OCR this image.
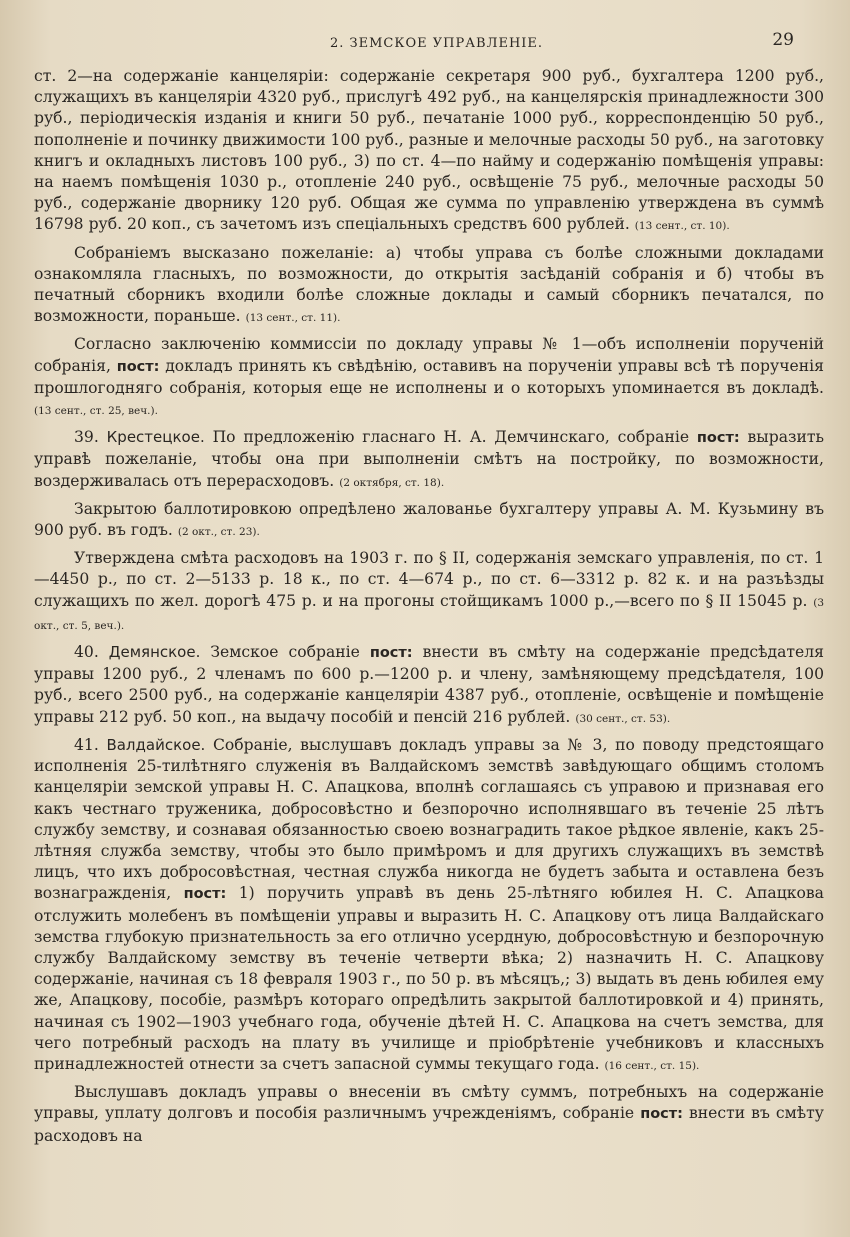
2. ЗЕМСКОЕ УПРАВЛЕНІЕ.	29

ст. 2—на содержаніе канцеляріи: содержаніе секретаря 900 руб., бухгалтера 1200 руб., служащихъ въ канцеляріи 4320 руб., прислугѣ 492 руб., на канцелярскія принадлежности 300 руб., періодическія изданія и книги 50 руб., печатаніе 1000 руб., корреспонденцію 50 руб., пополненіе и починку движимости 100 руб., разные и мелочные расходы 50 руб., на заготовку книгъ и окладныхъ листовъ 100 руб., 3) по ст. 4—по найму и содержанію помѣщенія управы: на наемъ помѣщенія 1030 р., отопленіе 240 руб., освѣщеніе 75 руб., мелочные расходы 50 руб., содержаніе дворнику 120 руб. Общая же сумма по управленію утверждена въ суммѣ 16798 руб. 20 коп., съ зачетомъ изъ спеціальныхъ средствъ 600 рублей. (13 сент., ст. 10).

Собраніемъ высказано пожеланіе: а) чтобы управа съ болѣе сложными докладами ознакомляла гласныхъ, по возможности, до открытія засѣданій собранія и б) чтобы въ печатный сборникъ входили болѣе сложные доклады и самый сборникъ печатался, по возможности, пораньше. (13 сент., ст. 11).

Согласно заключенію коммиссіи по докладу управы № 1—объ исполненіи порученій собранія, пост: докладъ принять къ свѣдѣнію, оставивъ на порученіи управы всѣ тѣ порученія прошлогодняго собранія, которыя еще не исполнены и о которыхъ упоминается въ докладѣ. (13 сент., ст. 25, веч.).

39. Крестецкое. По предложенію гласнаго Н. А. Демчинскаго, собраніе пост: выразить управѣ пожеланіе, чтобы она при выполненіи смѣтъ на постройку, по возможности, воздерживалась отъ перерасходовъ. (2 октября, ст. 18).

Закрытою баллотировкою опредѣлено жалованье бухгалтеру управы А. М. Кузьмину въ 900 руб. въ годъ. (2 окт., ст. 23).

Утверждена смѣта расходовъ на 1903 г. по § II, содержанія земскаго управленія, по ст. 1—4450 р., по ст. 2—5133 р. 18 к., по ст. 4—674 р., по ст. 6—3312 р. 82 к. и на разъѣзды служащихъ по жел. дорогѣ 475 р. и на прогоны стойщикамъ 1000 р.,—всего по § II 15045 р. (3 окт., ст. 5, веч.).

40. Демянское. Земское собраніе пост: внести въ смѣту на содержаніе предсѣдателя управы 1200 руб., 2 членамъ по 600 р.—1200 р. и члену, замѣняющему предсѣдателя, 100 руб., всего 2500 руб., на содержаніе канцеляріи 4387 руб., отопленіе, освѣщеніе и помѣщеніе управы 212 руб. 50 коп., на выдачу пособій и пенсій 216 рублей. (30 сент., ст. 53).

41. Валдайское. Собраніе, выслушавъ докладъ управы за № 3, по поводу предстоящаго исполненія 25-тилѣтняго служенія въ Валдайскомъ земствѣ завѣдующаго общимъ столомъ канцеляріи земской управы Н. С. Апацкова, вполнѣ соглашаясь съ управою и признавая его какъ честнаго труженика, добросовѣстно и безпорочно исполнявшаго въ теченіе 25 лѣтъ службу земству, и сознавая обязанностью своею вознаградить такое рѣдкое явленіе, какъ 25-лѣтняя служба земству, чтобы это было примѣромъ и для другихъ служащихъ въ земствѣ лицъ, что ихъ добросовѣстная, честная служба никогда не будетъ забыта и оставлена безъ вознагражденія, пост: 1) поручить управѣ въ день 25-лѣтняго юбилея Н. С. Апацкова отслужить молебенъ въ помѣщеніи управы и выразить Н. С. Апацкову отъ лица Валдайскаго земства глубокую признательность за его отлично усердную, добросовѣстную и безпорочную службу Валдайскому земству въ теченіе четверти вѣка; 2) назначить Н. С. Апацкову содержаніе, начиная съ 18 февраля 1903 г., по 50 р. въ мѣсяцъ,; 3) выдать въ день юбилея ему же, Апацкову, пособіе, размѣръ котораго опредѣлить закрытой баллотировкой и 4) принять, начиная съ 1902—1903 учебнаго года, обученіе дѣтей Н. С. Апацкова на счетъ земства, для чего потребный расходъ на плату въ училище и пріобрѣтеніе учебниковъ и классныхъ принадлежностей отнести за счетъ запасной суммы текущаго года. (16 сент., ст. 15).

Выслушавъ докладъ управы о внесеніи въ смѣту суммъ, потребныхъ на содержаніе управы, уплату долговъ и пособія различнымъ учрежденіямъ, собраніе пост: внести въ смѣту расходовъ на
